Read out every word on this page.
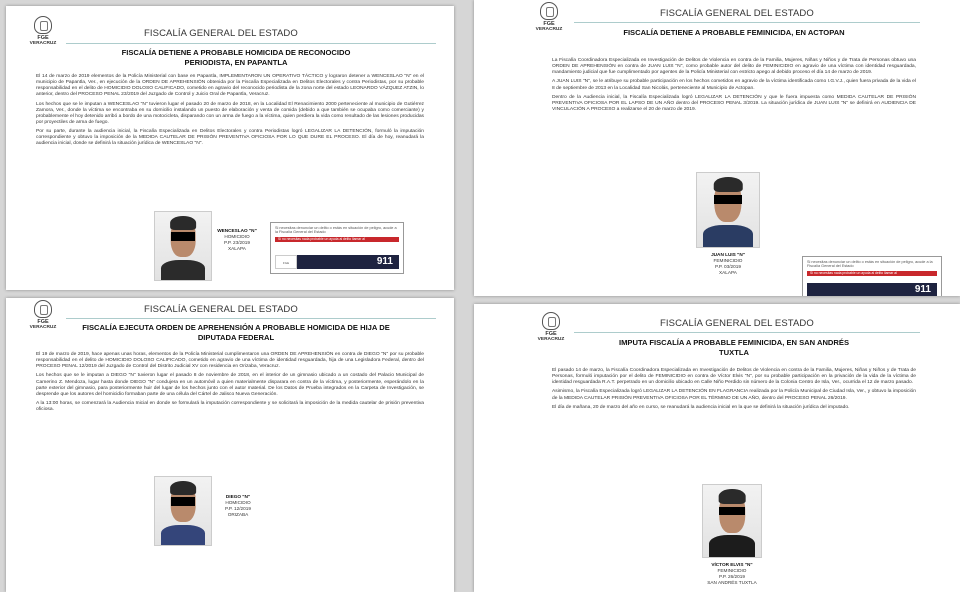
FGE
VERACRUZ
FISCALÍA GENERAL DEL ESTADO
FISCALÍA DETIENE A PROBABLE HOMICIDA DE RECONOCIDO PERIODISTA, EN PAPANTLA

El 14 de marzo de 2019 elementos de la Policía Ministerial con base en Papantla, IMPLEMENTARON UN OPERATIVO TÁCTICO y lograron detener a WENCESLAO "N" en el municipio de Papantla, Ver., en ejecución de la ORDEN DE APREHENSIÓN obtenida por la Fiscalía Especializada en Delitos Electorales y contra Periodistas, por su probable responsabilidad en el delito de HOMICIDIO DOLOSO CALIFICADO, cometido en agravio del reconocido periodista de la zona norte del estado LEONARDO VÁZQUEZ ATZIN, lo anterior, dentro del PROCESO PENAL 23/2019 del Juzgado de Control y Juicio Oral de Papantla, Veracruz.

Los hechos que se le imputan a WENCESLAO "N" tuvieron lugar el pasado 20 de marzo de 2018, en la Localidad El Renacimiento 2000 perteneciente al municipio de Gutiérrez Zamora, Ver., donde la víctima se encontraba en su domicilio instalando un puesto de elaboración y venta de comida (debido a que también se ocupaba como comerciante) y probablemente el hoy detenido arribó a bordo de una motocicleta, disparando con un arma de fuego a la víctima, quien perdiera la vida como resultado de las lesiones producidas por proyectiles de arma de fuego.

Por su parte, durante la audiencia inicial, la Fiscalía Especializada en Delitos Electorales y contra Periodistas logró LEGALIZAR LA DETENCIÓN, formuló la imputación correspondiente y obtuvo la imposición de la MEDIDA CAUTELAR DE PRISIÓN PREVENTIVA OFICIOSA POR LO QUE DURE EL PROCESO. El día de hoy, reanudará la audiencia inicial, donde se definirá la situación jurídica de WENCESLAO "N".

WENCESLAO "N"
HOMICIDIO
P.P. 23/2019
XALAPA
Si necesitas denunciar un delito o estás en situación de peligro, acude a la Fiscalía General del Estado
Si no necesitas nada probable un ayuda al delito llamar al
911
FGE
FGE
VERACRUZ
FISCALÍA GENERAL DEL ESTADO
FISCALÍA EJECUTA ORDEN DE APREHENSIÓN A PROBABLE HOMICIDA DE HIJA DE DIPUTADA FEDERAL

El 19 de marzo de 2019, hace apenas unas horas, elementos de la Policía Ministerial cumplimentaron una ORDEN DE APREHENSIÓN en contra de DIEGO "N" por su probable responsabilidad en el delito de HOMICIDIO DOLOSO CALIFICADO, cometido en agravio de una víctima de identidad resguardada, hija de una Legisladora Federal, dentro del PROCESO PENAL 12/2019 del Juzgado de Control del Distrito Judicial XV con residencia en Orizaba, Veracruz.

Los hechos que se le imputan a DIEGO "N" tuvieron lugar el pasado 8 de noviembre de 2018, en el interior de un gimnasio ubicado a un costado del Palacio Municipal de Camerino Z. Mendoza, lugar hasta donde DIEGO "N" condujera en un automóvil a quien materialmente disparara en contra de la víctima, y posteriormente, esperándolo en la parte exterior del gimnasio, para posteriormente huir del lugar de los hechos junto con el autor material. De los Datos de Prueba integrados en la Carpeta de Investigación, se desprende que los autores del homicidio formaban parte de una célula del Cártel de Jalisco Nueva Generación.

A la 13:00 horas, se comenzará la Audiencia Inicial en donde se formulará la imputación correspondiente y se solicitará la imposición de la medida cautelar de prisión preventiva oficiosa.

DIEGO "N"
HOMICIDIO
P.P. 12/2019
ORIZABA
FGE
VERACRUZ
FISCALÍA GENERAL DEL ESTADO
FISCALÍA DETIENE A PROBABLE FEMINICIDA, EN ACTOPAN

La Fiscalía Coordinadora Especializada en Investigación de Delitos de Violencia en contra de la Familia, Mujeres, Niñas y Niños y de Trata de Personas obtuvo una ORDEN DE APREHENSIÓN en contra de JUAN LUIS "N", como probable autor del delito de FEMINICIDIO en agravio de una víctima con identidad resguardada, mandamiento judicial que fue cumplimentado por agentes de la Policía Ministerial con estricto apego al debido proceso el día 14 de marzo de 2019.

A JUAN LUIS "N", se le atribuye su probable participación en los hechos cometidos en agravio de la víctima identificada como I.G.V.J., quien fuera privada de la vida el 8 de septiembre de 2013 en la Localidad San Nicolás, perteneciente al Municipio de Actopan.

Dentro de la Audiencia inicial, la Fiscalía Especializada logró LEGALIZAR LA DETENCIÓN y que le fuera impuesta como MEDIDA CAUTELAR DE PRISIÓN PREVENTIVA OFICIOSA POR EL LAPSO DE UN AÑO dentro del PROCESO PENAL 3/2019. La situación jurídica de JUAN LUIS "N" se definirá en AUDIENCIA DE VINCULACIÓN A PROCESO a realizarse el 20 de marzo de 2019.

JUAN LUIS "N"
FEMINICIDIO
P.P. 03/2019
XALAPA
Si necesitas denunciar un delito o estás en situación de peligro, acude a la Fiscalía General del Estado
Si no necesitas nada probable un ayuda al delito llamar al
911
FGE
VERACRUZ
FISCALÍA GENERAL DEL ESTADO
IMPUTA FISCALÍA A PROBABLE FEMINICIDA, EN SAN ANDRÉS TUXTLA

El pasado 14 de marzo, la Fiscalía Coordinadora Especializada en Investigación de Delitos de Violencia en contra de la Familia, Mujeres, Niñas y Niños y de Trata de Personas, formuló imputación por el delito de FEMINICIDIO en contra de Víctor Elvis "N", por su probable participación en la privación de la vida de la víctima de identidad resguardada R.A.T. perpetrado en un domicilio ubicado en Calle Niño Perdido sin número de la Colonia Centro de Isla, Ver., ocurrida el 12 de marzo pasado.

Asimismo, la Fiscalía Especializada logró LEGALIZAR LA DETENCIÓN EN FLAGRANCIA realizada por la Policía Municipal de Ciudad Isla, Ver., y obtuvo la imposición de la MEDIDA CAUTELAR PRISIÓN PREVENTIVA OFICIOSA POR EL TÉRMINO DE UN AÑO, dentro del PROCESO PENAL 26/2019.

El día de mañana, 20 de marzo del año en curso, se reanudará la audiencia inicial en la que se definirá la situación jurídica del imputado.

VÍCTOR ELVIS "N"
FEMINICIDIO
P.P. 26/2019
SAN ANDRÉS TUXTLA
